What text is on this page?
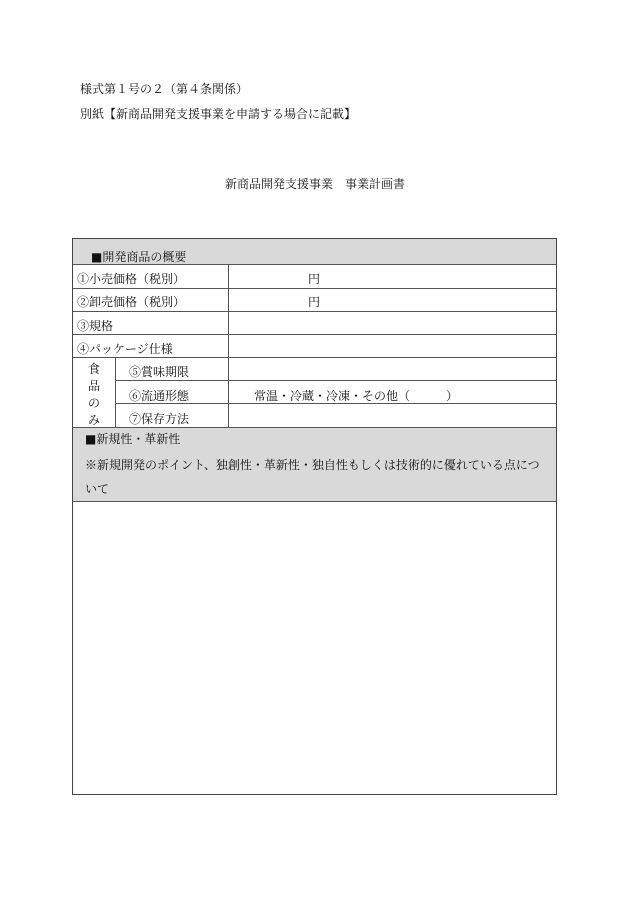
様式第１号の２（第４条関係）
別紙【新商品開発支援事業を申請する場合に記載】
新商品開発支援事業　事業計画書
■開発商品の概要
①小売価格（税別）	円
②卸売価格（税別）	円
③規格
④パッケージ仕様
食品のみ
⑤賞味期限
⑥流通形態	常温・冷蔵・冷凍・その他（　　　）
⑦保存方法
■新規性・革新性
※新規開発のポイント、独創性・革新性・独自性もしくは技術的に優れている点について
